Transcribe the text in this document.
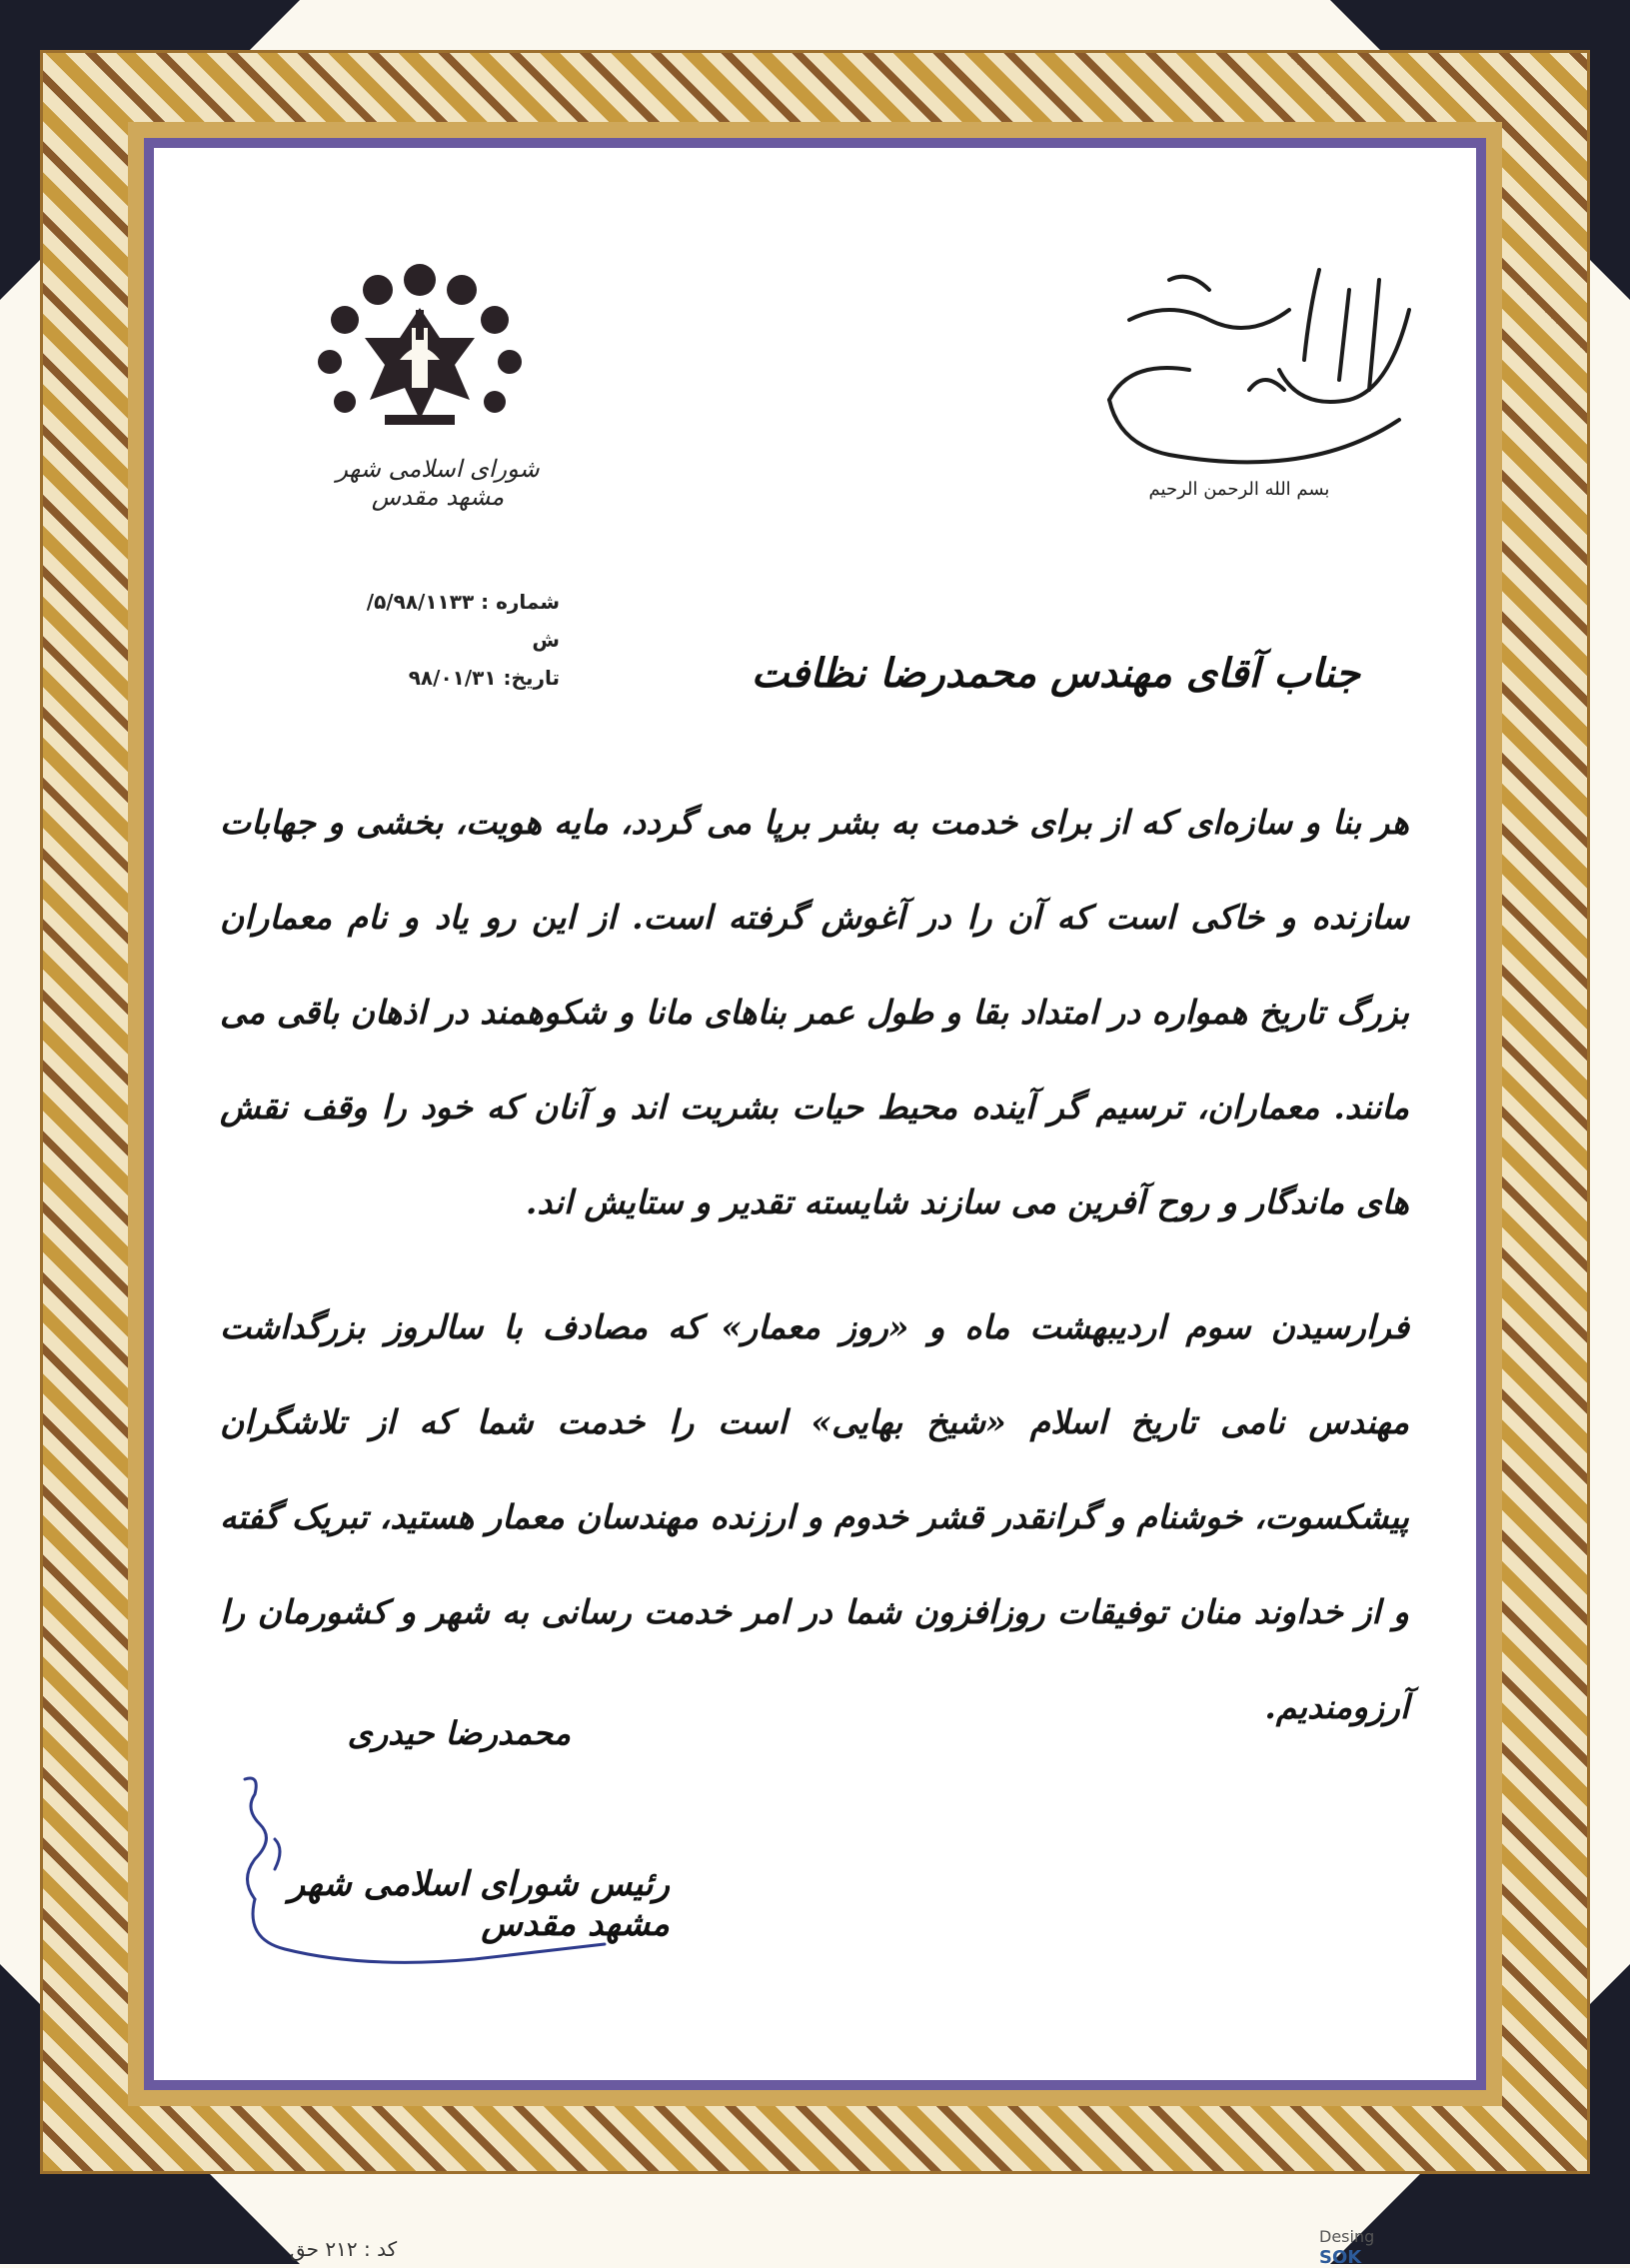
شورای اسلامی شهر مشهد مقدس	بسم الله الرحمن الرحیم
شماره : ۵/۹۸/۱۱۳۳/ش
تاریخ: ۹۸/۰۱/۳۱	جناب آقای مهندس محمدرضا نظافت

هر بنا و سازه‌ای که از برای خدمت به بشر برپا می گردد، مایه هویت، بخشی و جهابات سازنده و خاکی است که آن را در آغوش گرفته است. از این رو یاد و نام معماران بزرگ تاریخ همواره در امتداد بقا و طول عمر بناهای مانا و شکوهمند در اذهان باقی می مانند. معماران، ترسیم گر آینده محیط حیات بشریت اند و آنان که خود را وقف نقش های ماندگار و روح آفرین می سازند شایسته تقدیر و ستایش اند.

فرارسیدن سوم اردیبهشت ماه و «روز معمار» که مصادف با سالروز بزرگداشت مهندس نامی تاریخ اسلام «شیخ بهایی» است را خدمت شما که از تلاشگران پیشکسوت، خوشنام و گرانقدر قشر خدوم و ارزنده مهندسان معمار هستید، تبریک گفته و از خداوند منان توفیقات روزافزون شما در امر خدمت رسانی به شهر و کشورمان را آرزومندیم.

محمدرضا حیدری
رئیس شورای اسلامی شهر مشهد مقدس
کد : ۲۱۲ حق
Desing
SOK
